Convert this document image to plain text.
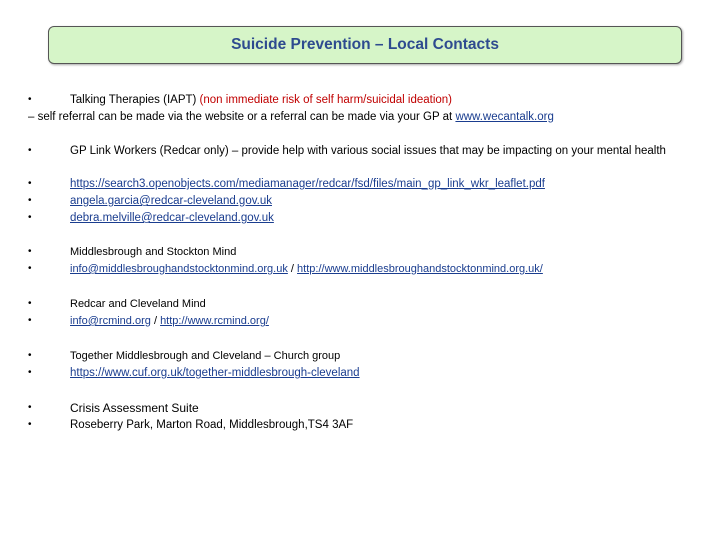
Suicide Prevention – Local Contacts
•	Talking Therapies (IAPT) (non immediate risk of self harm/suicidal ideation)
– self referral can be made via the website or a referral can be made via your GP at www.wecantalk.org
•	GP Link Workers (Redcar only) – provide help with various social issues that may be impacting on your mental health
•	https://search3.openobjects.com/mediamanager/redcar/fsd/files/main_gp_link_wkr_leaflet.pdf
•	angela.garcia@redcar-cleveland.gov.uk
•	debra.melville@redcar-cleveland.gov.uk
•	Middlesbrough and Stockton Mind
•	info@middlesbroughandstocktonmind.org.uk / http://www.middlesbroughandstocktonmind.org.uk/
•	Redcar and Cleveland Mind
•	info@rcmind.org / http://www.rcmind.org/
•	Together Middlesbrough and Cleveland – Church group
•	https://www.cuf.org.uk/together-middlesbrough-cleveland
•	Crisis Assessment Suite
•	Roseberry Park, Marton Road, Middlesbrough,TS4 3AF
